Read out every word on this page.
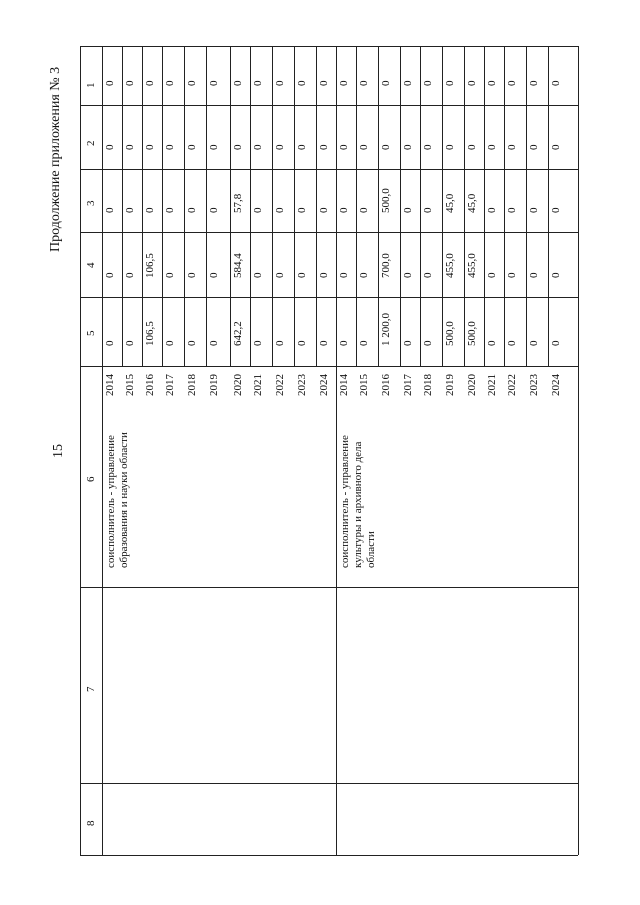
15
Продолжение приложения № 3 1
2
3
4
5
6
7
8
соисполнитель - управление образования и науки области
2014
0
0
0
0
0
2015
0
0
0
0
0
2016
106,5
106,5
0
0
0
2017
0
0
0
0
0
2018
0
0
0
0
0
2019
0
0
0
0
0
2020
642,2
584,4
57,8
0
0
2021
0
0
0
0
0
2022
0
0
0
0
0
2023
0
0
0
0
0
2024
0
0
0
0
0
соисполнитель - управление культуры и архивного дела области
2014
0
0
0
0
0
2015
0
0
0
0
0
2016
1 200,0
700,0
500,0
0
0
2017
0
0
0
0
0
2018
0
0
0
0
0
2019
500,0
455,0
45,0
0
0
2020
500,0
455,0
45,0
0
0
2021
0
0
0
0
0
2022
0
0
0
0
0
2023
0
0
0
0
0
2024
0
0
0
0
0
